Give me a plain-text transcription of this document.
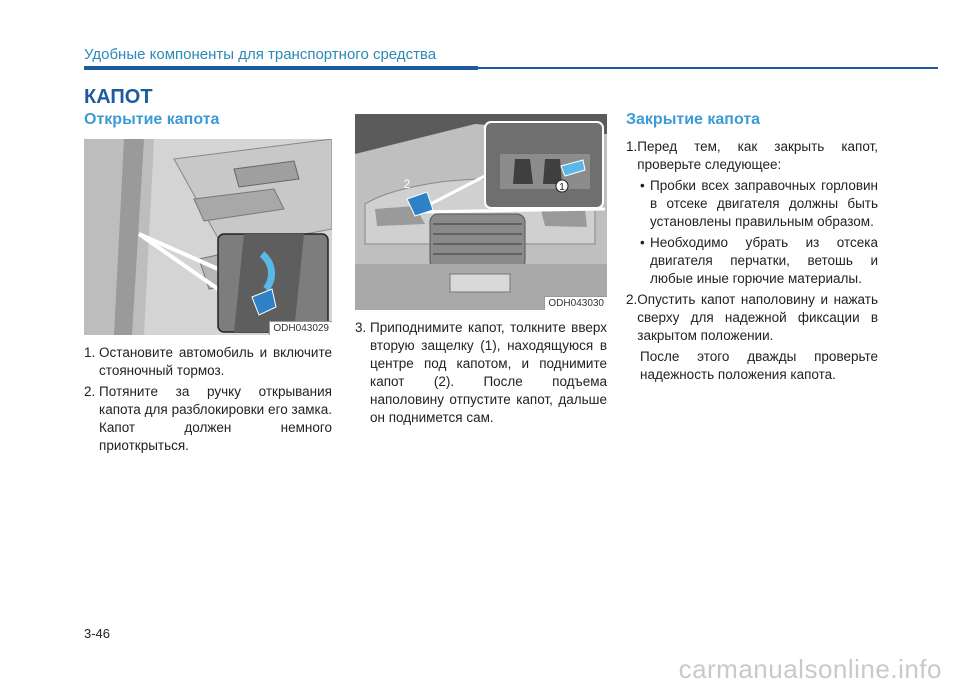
Удобные компоненты для транспортного средства
КАПОТ
Открытие капота
ODH043029
1.
Остановите автомобиль и включите стояночный тормоз.
2.
Потяните за ручку открывания капота для разблокировки его замка. Капот должен немного приоткрыться.
1
2
ODH043030
3.
Приподнимите капот, толкните вверх вторую защелку (1), находящуюся в центре под капотом, и поднимите капот (2). После подъема наполовину отпустите капот, дальше он поднимется сам.
Закрытие капота
1. Перед тем, как закрыть капот, проверьте следующее:
• Пробки всех заправочных горловин в отсеке двигателя должны быть установлены правильным образом.
• Необходимо убрать из отсека двигателя перчатки, ветошь и любые иные горючие материалы.
2. Опустить капот наполовину и нажать сверху для надежной фиксации в закрытом положении.
После этого дважды проверьте надежность положения капота.
3-46
carmanualsonline.info
